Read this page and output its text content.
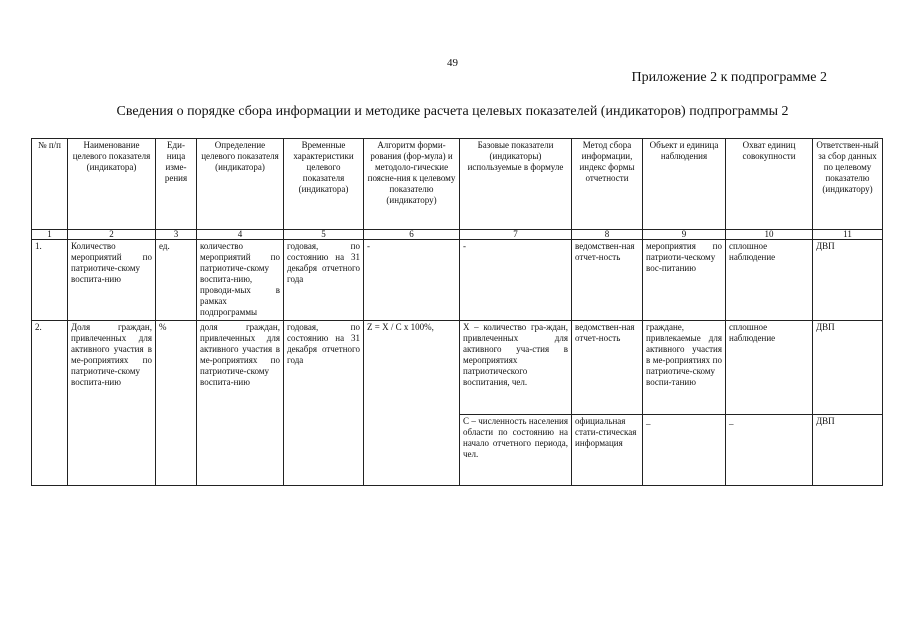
49
Приложение 2 к подпрограмме 2
Сведения о порядке сбора информации и методике расчета целевых показателей (индикаторов) подпрограммы 2
№ п/п	Наименование целевого показателя (индикатора)	Еди-ница изме-рения	Определение целевого показателя (индикатора)	Временные характеристики целевого показателя (индикатора)	Алгоритм форми-рования (фор-мула) и методоло-гические поясне-ния к целевому показателю (индикатору)	Базовые показатели (индикаторы) используемые в формуле	Метод сбора информации, индекс формы отчетности	Объект и единица наблюдения	Охват единиц совокупности	Ответствен-ный за сбор данных по целевому показателю (индикатору)
1	2	3	4	5	6	7	8	9	10	11
1.	Количество мероприятий по патриотиче-скому воспита-нию	ед.	количество мероприятий по патриотиче-скому воспита-нию, проводи-мых в рамках подпрограммы	годовая, по состоянию на 31 декабря отчетного года	-	-	ведомствен-ная отчет-ность	мероприятия по патриоти-ческому вос-питанию	сплошное наблюдение	ДВП
2.	Доля граждан, привлеченных для активного участия в ме-роприятиях по патриотиче-скому воспита-нию	%	доля граждан, привлеченных для активного участия в ме-роприятиях по патриотиче-скому воспита-нию	годовая, по состоянию на 31 декабря отчетного года	Z = X / C x 100%,	X – количество гра-ждан, привлеченных для активного уча-стия в мероприятиях патриотического воспитания, чел.	ведомствен-ная отчет-ность	граждане, привлекаемые для активного участия в ме-роприятиях по патриотиче-скому воспи-танию	сплошное наблюдение	ДВП
						С – численность населения области по состоянию на начало отчетного периода, чел.	официальная стати-стическая информация	_	_	ДВП
